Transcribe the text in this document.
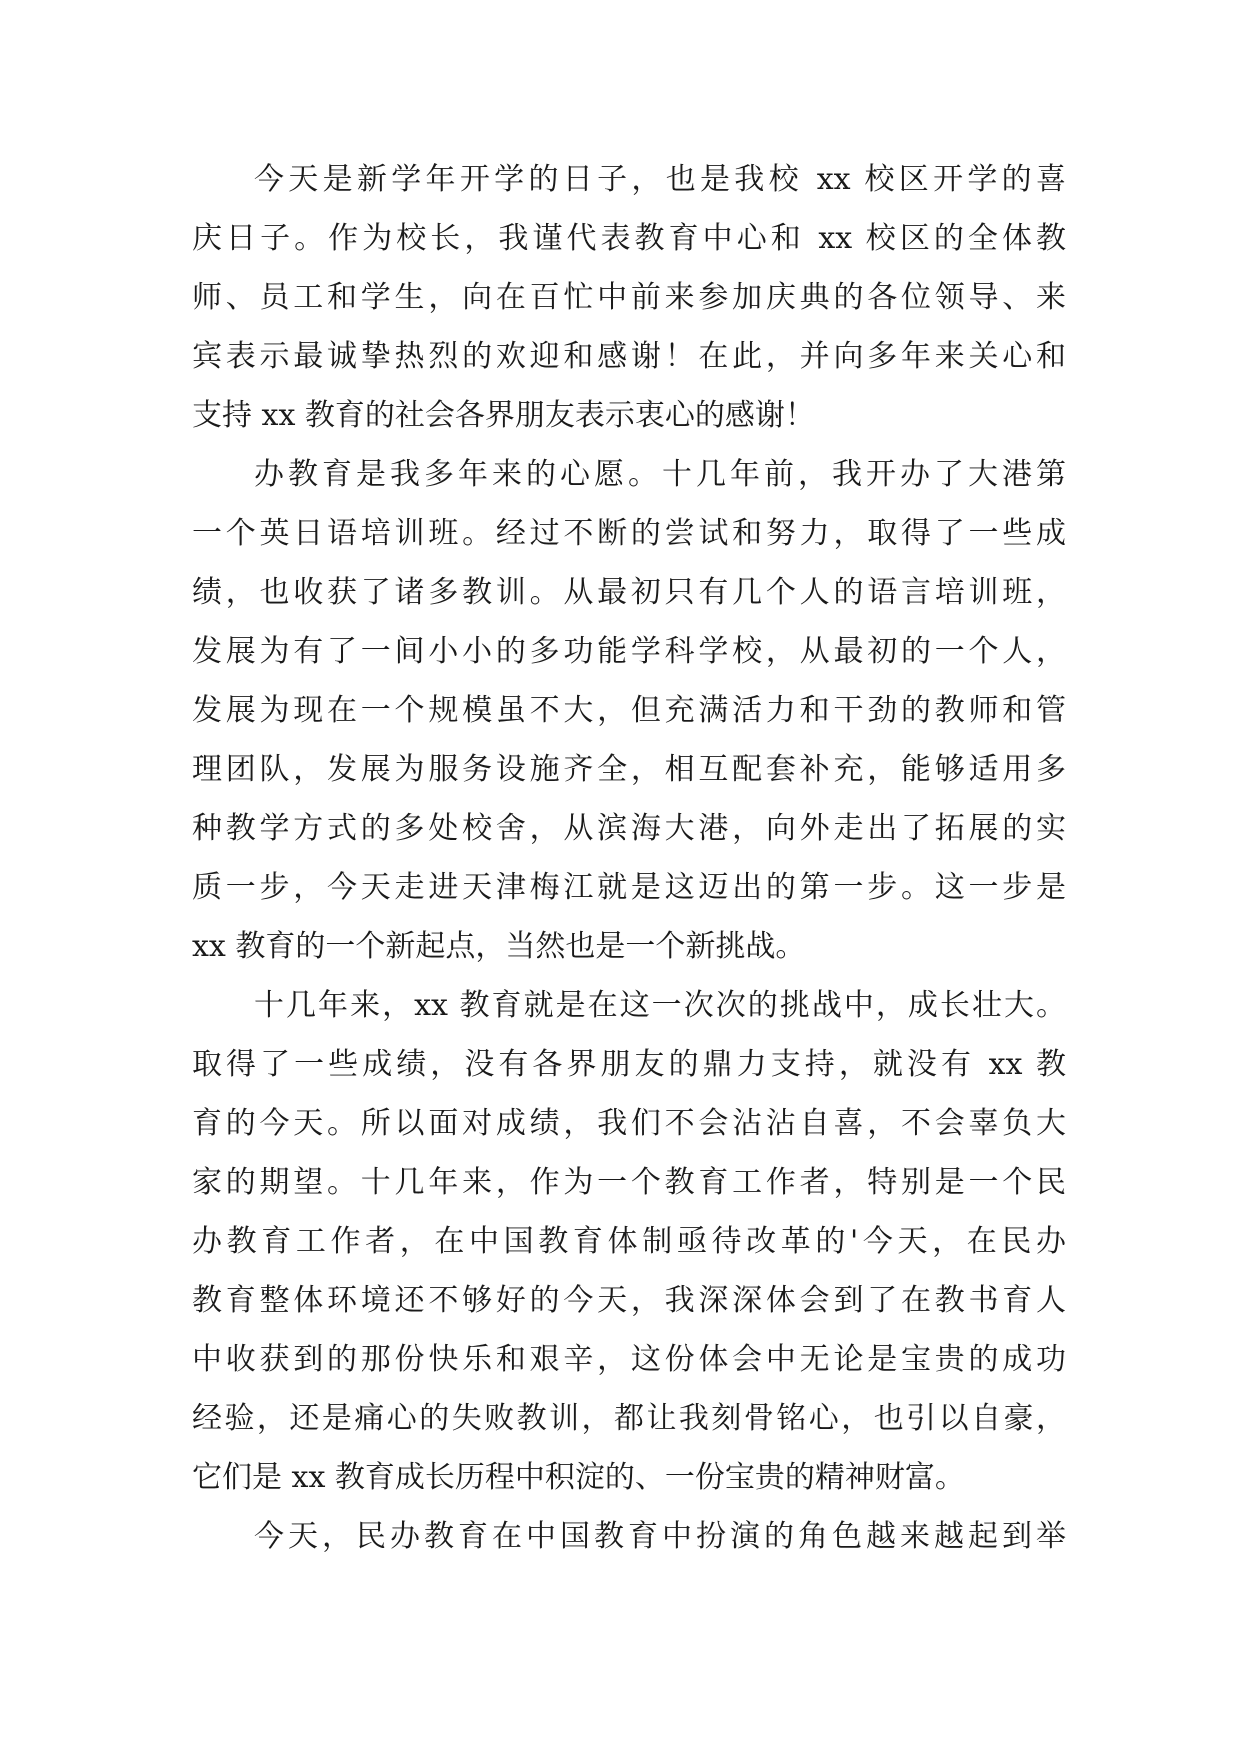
今天是新学年开学的日子，也是我校 xx 校区开学的喜
庆日子。作为校长，我谨代表教育中心和 xx 校区的全体教
师、员工和学生，向在百忙中前来参加庆典的各位领导、来
宾表示最诚挚热烈的欢迎和感谢！在此，并向多年来关心和
支持 xx 教育的社会各界朋友表示衷心的感谢！
办教育是我多年来的心愿。十几年前，我开办了大港第
一个英日语培训班。经过不断的尝试和努力，取得了一些成
绩，也收获了诸多教训。从最初只有几个人的语言培训班，
发展为有了一间小小的多功能学科学校，从最初的一个人，
发展为现在一个规模虽不大，但充满活力和干劲的教师和管
理团队，发展为服务设施齐全，相互配套补充，能够适用多
种教学方式的多处校舍，从滨海大港，向外走出了拓展的实
质一步，今天走进天津梅江就是这迈出的第一步。这一步是
xx 教育的一个新起点，当然也是一个新挑战。
十几年来，xx 教育就是在这一次次的挑战中，成长壮大。
取得了一些成绩，没有各界朋友的鼎力支持，就没有 xx 教
育的今天。所以面对成绩，我们不会沾沾自喜，不会辜负大
家的期望。十几年来，作为一个教育工作者，特别是一个民
办教育工作者，在中国教育体制亟待改革的'今天，在民办
教育整体环境还不够好的今天，我深深体会到了在教书育人
中收获到的那份快乐和艰辛，这份体会中无论是宝贵的成功
经验，还是痛心的失败教训，都让我刻骨铭心，也引以自豪，
它们是 xx 教育成长历程中积淀的、一份宝贵的精神财富。
今天，民办教育在中国教育中扮演的角色越来越起到举
